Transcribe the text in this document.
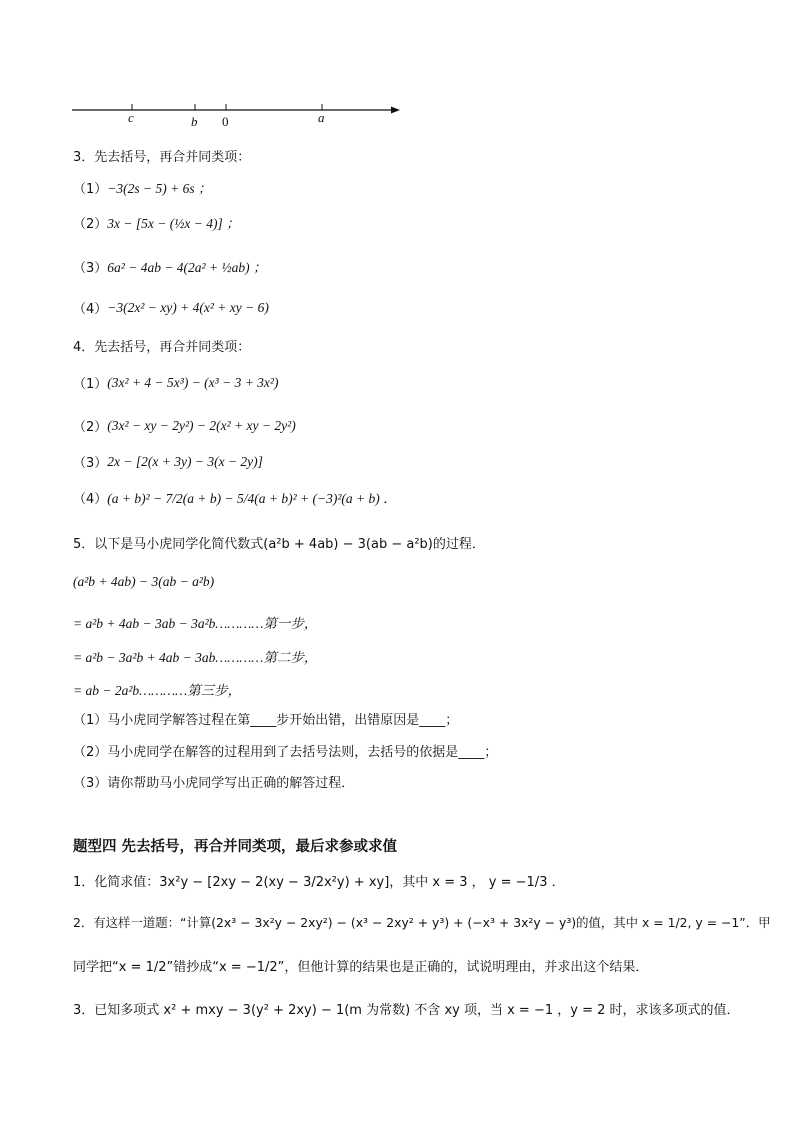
c	b 0	a
3．先去括号，再合并同类项：
（1） −3(2s − 5) + 6s ；
（2） 3x − [5x − (½x − 4)] ；
（3） 6a² − 4ab − 4(2a² + ½ab) ；
（4） −3(2x² − xy) + 4(x² + xy − 6)
4．先去括号，再合并同类项：
（1） (3x² + 4 − 5x³) − (x³ − 3 + 3x²)
（2） (3x² − xy − 2y²) − 2(x² + xy − 2y²)
（3） 2x − [2(x + 3y) − 3(x − 2y)]
（4） (a + b)² − 7/2(a + b) − 5/4(a + b)² + (−3)²(a + b) ．
5．以下是马小虎同学化简代数式(a²b + 4ab) − 3(ab − a²b)的过程．
(a²b + 4ab) − 3(ab − a²b)
= a²b + 4ab − 3ab − 3a²b…………第一步，
= a²b − 3a²b + 4ab − 3ab…………第二步，
= ab − 2a²b…………第三步，
（1）马小虎同学解答过程在第____步开始出错，出错原因是____；
（2）马小虎同学在解答的过程用到了去括号法则，去括号的依据是____；
（3）请你帮助马小虎同学写出正确的解答过程．
题型四 先去括号，再合并同类项，最后求参或求值
1．化简求值：3x²y − [2xy − 2(xy − 3/2x²y) + xy]，其中 x = 3 ， y = −1/3 ．
2．有这样一道题：“计算(2x³ − 3x²y − 2xy²) − (x³ − 2xy² + y³) + (−x³ + 3x²y − y³)的值，其中 x = 1/2, y = −1”．甲
同学把“x = 1/2”错抄成“x = −1/2”，但他计算的结果也是正确的，试说明理由，并求出这个结果．
3．已知多项式 x² + mxy − 3(y² + 2xy) − 1(m 为常数) 不含 xy 项，当 x = −1 ，y = 2 时，求该多项式的值．
